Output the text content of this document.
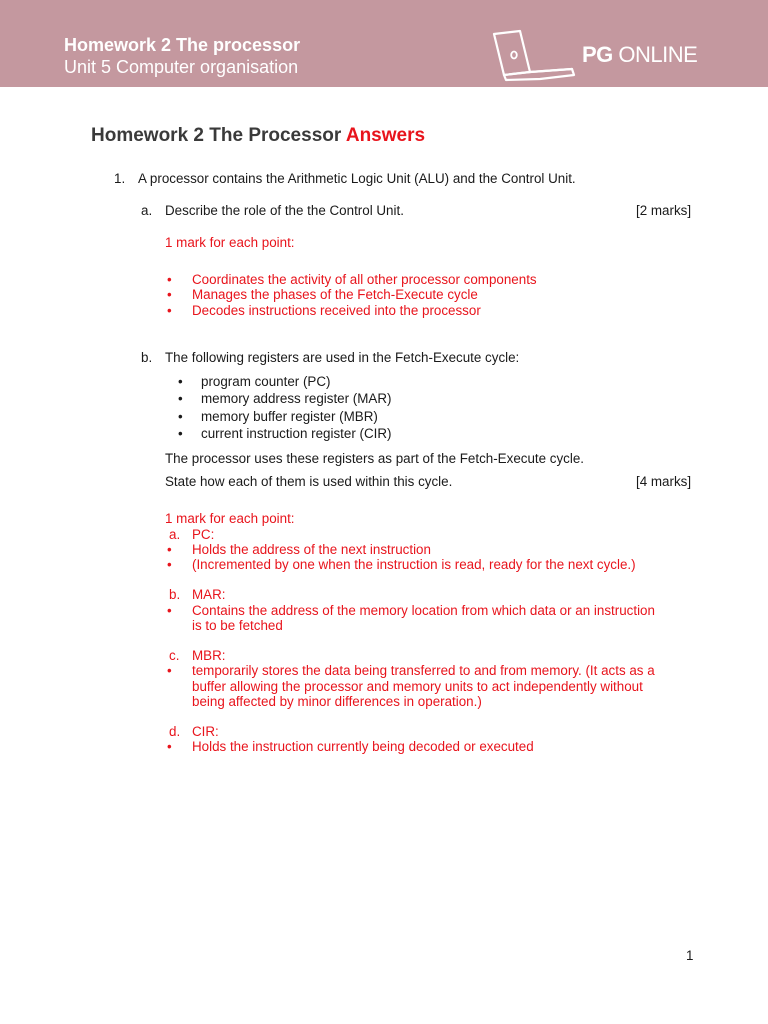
Homework 2 The processor
Unit 5 Computer organisation	PG ONLINE
Homework 2 The Processor Answers
1. A processor contains the Arithmetic Logic Unit (ALU) and the Control Unit.
a. Describe the role of the the Control Unit.	[2 marks]
1 mark for each point:
• Coordinates the activity of all other processor components
• Manages the phases of the Fetch-Execute cycle
• Decodes instructions received into the processor
b. The following registers are used in the Fetch-Execute cycle:
• program counter (PC)
• memory address register (MAR)
• memory buffer register (MBR)
• current instruction register (CIR)
The processor uses these registers as part of the Fetch-Execute cycle.
State how each of them is used within this cycle.	[4 marks]
1 mark for each point:
a. PC:
• Holds the address of the next instruction
• (Incremented by one when the instruction is read, ready for the next cycle.)
b. MAR:
• Contains the address of the memory location from which data or an instruction
is to be fetched
c. MBR:
• temporarily stores the data being transferred to and from memory. (It acts as a
buffer allowing the processor and memory units to act independently without
being affected by minor differences in operation.)
d. CIR:
• Holds the instruction currently being decoded or executed
1
